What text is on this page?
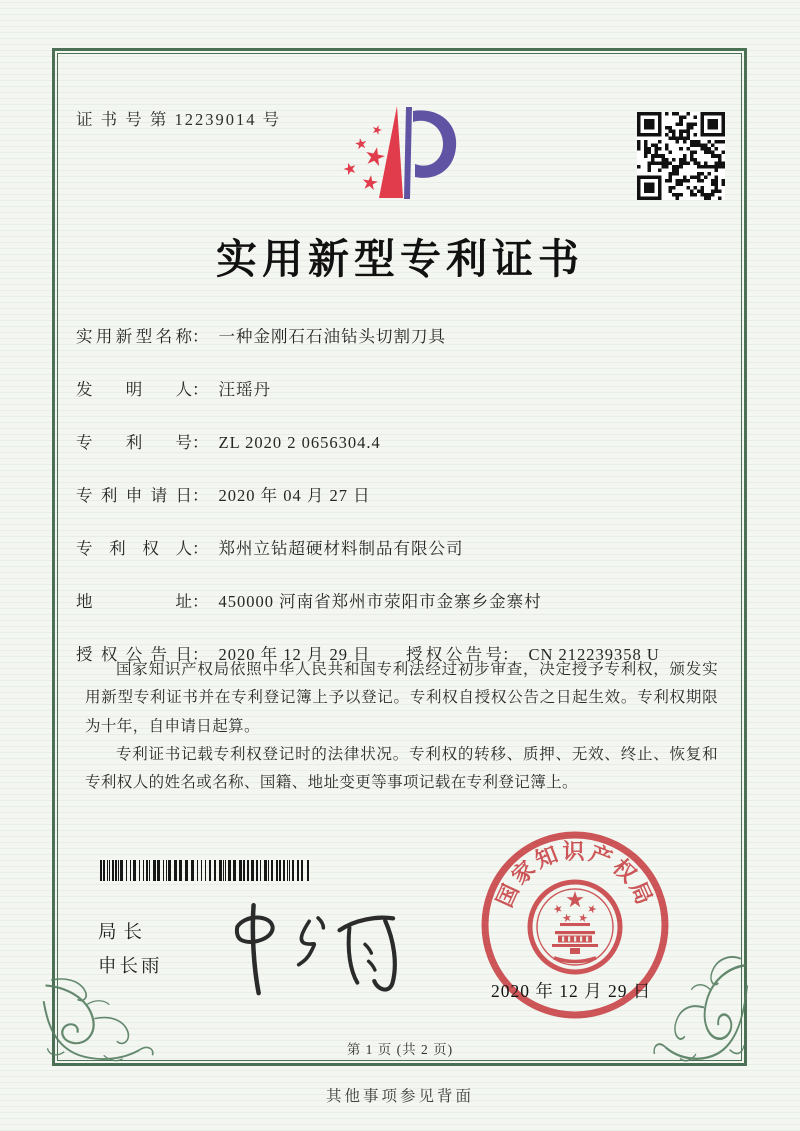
证 书 号 第 12239014 号
实用新型专利证书
实用新型名称： 一种金刚石石油钻头切割刀具
发明人： 汪瑶丹
专利号： ZL 2020 2 0656304.4
专利申请日： 2020 年 04 月 27 日
专利权人： 郑州立钻超硬材料制品有限公司
地址： 450000 河南省郑州市荥阳市金寨乡金寨村
授权公告日： 2020 年 12 月 29 日	授权公告号： CN 212239358 U

国家知识产权局依照中华人民共和国专利法经过初步审查，决定授予专利权，颁发实用新型专利证书并在专利登记簿上予以登记。专利权自授权公告之日起生效。专利权期限为十年，自申请日起算。

专利证书记载专利权登记时的法律状况。专利权的转移、质押、无效、终止、恢复和专利权人的姓名或名称、国籍、地址变更等事项记载在专利登记簿上。

局长
申长雨
国家知识产权局
2020 年 12 月 29 日
第 1 页 (共 2 页)
其他事项参见背面
